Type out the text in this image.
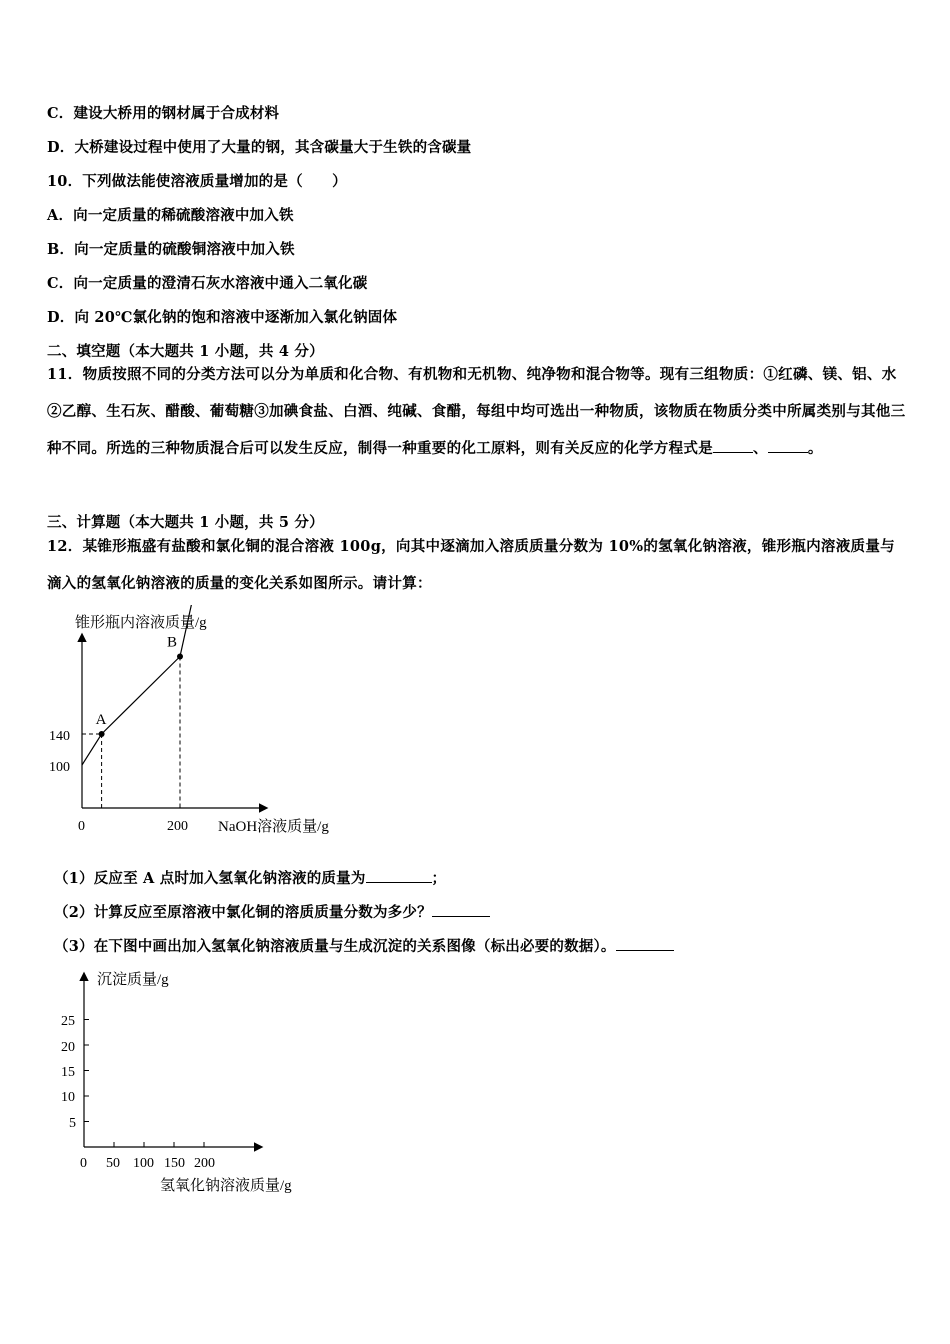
C．建设大桥用的钢材属于合成材料
D．大桥建设过程中使用了大量的钢，其含碳量大于生铁的含碳量
10．下列做法能使溶液质量增加的是（　　）
A．向一定质量的稀硫酸溶液中加入铁
B．向一定质量的硫酸铜溶液中加入铁
C．向一定质量的澄清石灰水溶液中通入二氧化碳
D．向 20℃氯化钠的饱和溶液中逐渐加入氯化钠固体
二、填空题（本大题共 1 小题，共 4 分）
11．物质按照不同的分类方法可以分为单质和化合物、有机物和无机物、纯净物和混合物等。现有三组物质：①红磷、镁、铝、水②乙醇、生石灰、醋酸、葡萄糖③加碘食盐、白酒、纯碱、食醋，每组中均可选出一种物质，该物质在物质分类中所属类别与其他三种不同。所选的三种物质混合后可以发生反应，制得一种重要的化工原料，则有关反应的化学方程式是	、	。
三、计算题（本大题共 1 小题，共 5 分）
12．某锥形瓶盛有盐酸和氯化铜的混合溶液 100g，向其中逐滴加入溶质质量分数为 10%的氢氧化钠溶液，锥形瓶内溶液质量与滴入的氢氧化钠溶液的质量的变化关系如图所示。请计算：
锥形瓶内溶液质量/g
A
B
0	200 NaOH溶液质量/g
140
100
（1）反应至 A 点时加入氢氧化钠溶液的质量为	；
（2）计算反应至原溶液中氯化铜的溶质质量分数为多少？
（3）在下图中画出加入氢氧化钠溶液质量与生成沉淀的关系图像（标出必要的数据）。
沉淀质量/g
0 50 100 150 200
氢氧化钠溶液质量/g
25
20
15
10
5
